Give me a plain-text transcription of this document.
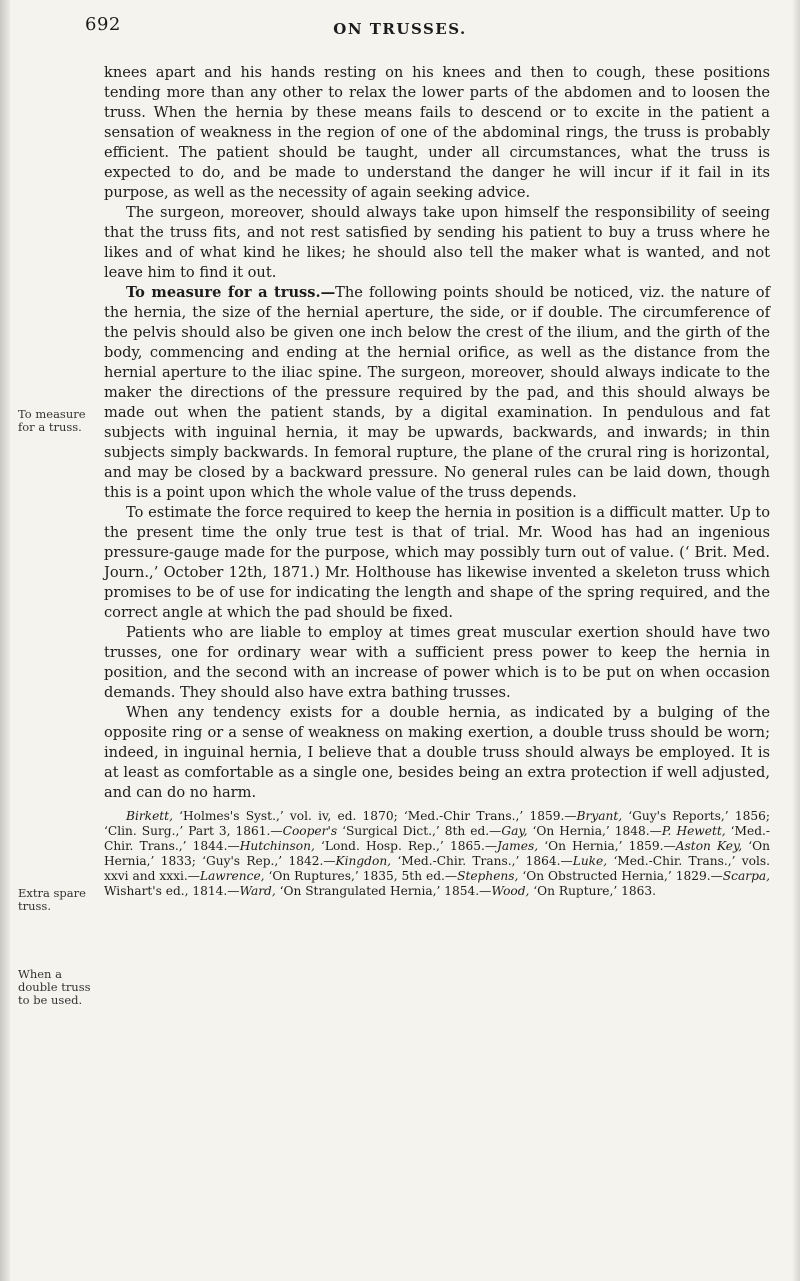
692	ON TRUSSES.
To measure for a truss.
Extra spare truss.
When a double truss to be used.

knees apart and his hands resting on his knees and then to cough, these positions tending more than any other to relax the lower parts of the abdomen and to loosen the truss. When the hernia by these means fails to descend or to excite in the patient a sensation of weakness in the region of one of the abdominal rings, the truss is probably efficient. The patient should be taught, under all circumstances, what the truss is expected to do, and be made to understand the danger he will incur if it fail in its purpose, as well as the necessity of again seeking advice.

The surgeon, moreover, should always take upon himself the responsibility of seeing that the truss fits, and not rest satisfied by sending his patient to buy a truss where he likes and of what kind he likes; he should also tell the maker what is wanted, and not leave him to find it out.

To measure for a truss.—The following points should be noticed, viz. the nature of the hernia, the size of the hernial aperture, the side, or if double. The circumference of the pelvis should also be given one inch below the crest of the ilium, and the girth of the body, commencing and ending at the hernial orifice, as well as the distance from the hernial aperture to the iliac spine. The surgeon, moreover, should always indicate to the maker the directions of the pressure required by the pad, and this should always be made out when the patient stands, by a digital examination. In pendulous and fat subjects with inguinal hernia, it may be upwards, backwards, and inwards; in thin subjects simply backwards. In femoral rupture, the plane of the crural ring is horizontal, and may be closed by a backward pressure. No general rules can be laid down, though this is a point upon which the whole value of the truss depends.

To estimate the force required to keep the hernia in position is a difficult matter. Up to the present time the only true test is that of trial. Mr. Wood has had an ingenious pressure-gauge made for the purpose, which may possibly turn out of value. (‘ Brit. Med. Journ.,’ October 12th, 1871.) Mr. Holthouse has likewise invented a skeleton truss which promises to be of use for indicating the length and shape of the spring required, and the correct angle at which the pad should be fixed.

Patients who are liable to employ at times great muscular exertion should have two trusses, one for ordinary wear with a sufficient press power to keep the hernia in position, and the second with an increase of power which is to be put on when occasion demands. They should also have extra bathing trusses.

When any tendency exists for a double hernia, as indicated by a bulging of the opposite ring or a sense of weakness on making exertion, a double truss should be worn; indeed, in inguinal hernia, I believe that a double truss should always be employed. It is at least as comfortable as a single one, besides being an extra protection if well adjusted, and can do no harm.

Birkett, ‘Holmes's Syst.,’ vol. iv, ed. 1870; ‘Med.-Chir Trans.,’ 1859.—Bryant, ‘Guy's Reports,’ 1856; ‘Clin. Surg.,’ Part 3, 1861.—Cooper's ‘Surgical Dict.,’ 8th ed.—Gay, ‘On Hernia,’ 1848.—P. Hewett, ‘Med.-Chir. Trans.,’ 1844.—Hutchinson, ‘Lond. Hosp. Rep.,’ 1865.—James, ‘On Hernia,’ 1859.—Aston Key, ‘On Hernia,’ 1833; ‘Guy's Rep.,’ 1842.—Kingdon, ‘Med.-Chir. Trans.,’ 1864.—Luke, ‘Med.-Chir. Trans.,’ vols. xxvi and xxxi.—Lawrence, ‘On Ruptures,’ 1835, 5th ed.—Stephens, ‘On Obstructed Hernia,’ 1829.—Scarpa, Wishart's ed., 1814.—Ward, ‘On Strangulated Hernia,’ 1854.—Wood, ‘On Rupture,’ 1863.
